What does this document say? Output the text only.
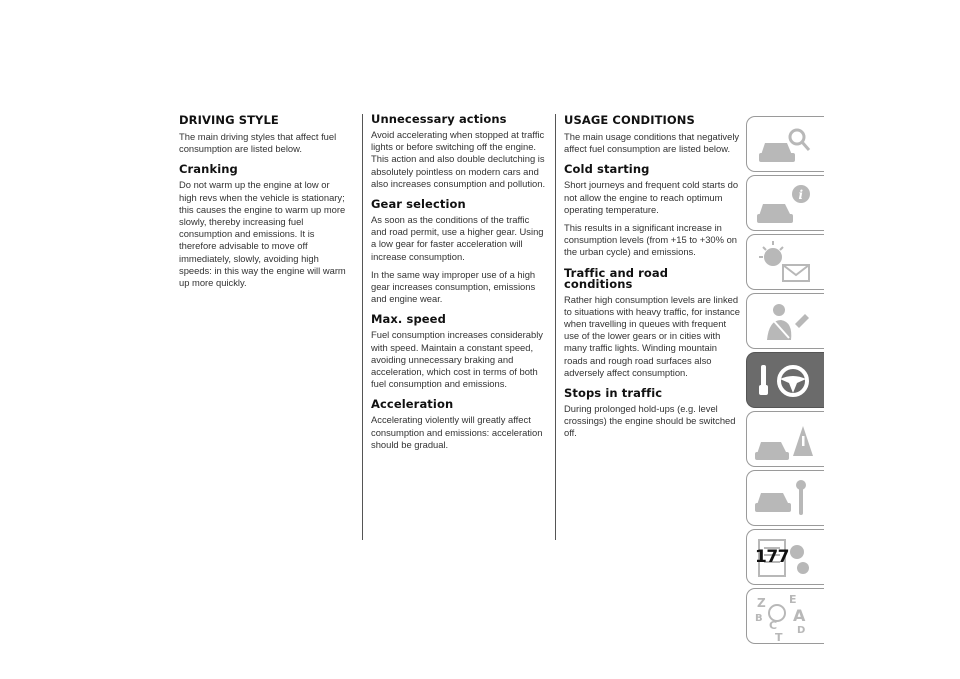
DRIVING STYLE

The main driving styles that affect fuel consumption are listed below.

Cranking

Do not warm up the engine at low or high revs when the vehicle is stationary; this causes the engine to warm up more slowly, thereby increasing fuel consumption and emissions. It is therefore advisable to move off immediately, slowly, avoiding high speeds: in this way the engine will warm up more quickly.

Unnecessary actions

Avoid accelerating when stopped at traffic lights or before switching off the engine. This action and also double declutching is absolutely pointless on modern cars and also increases consumption and pollution.

Gear selection

As soon as the conditions of the traffic and road permit, use a higher gear. Using a low gear for faster acceleration will increase consumption.

In the same way improper use of a high gear increases consumption, emissions and engine wear.

Max. speed

Fuel consumption increases considerably with speed. Maintain a constant speed, avoiding unnecessary braking and acceleration, which cost in terms of both fuel consumption and emissions.

Acceleration

Accelerating violently will greatly affect consumption and emissions: acceleration should be gradual.

USAGE CONDITIONS

The main usage conditions that negatively affect fuel consumption are listed below.

Cold starting

Short journeys and frequent cold starts do not allow the engine to reach optimum operating temperature.

This results in a significant increase in consumption levels (from +15 to +30% on the urban cycle) and emissions.

Traffic and road conditions

Rather high consumption levels are linked to situations with heavy traffic, for instance when travelling in queues with frequent use of the lower gears or in cities with many traffic lights. Winding mountain roads and rough road surfaces also adversely affect consumption.

Stops in traffic

During prolonged hold-ups (e.g. level crossings) the engine should be switched off.

i
Z E
B A
C D
T
177
